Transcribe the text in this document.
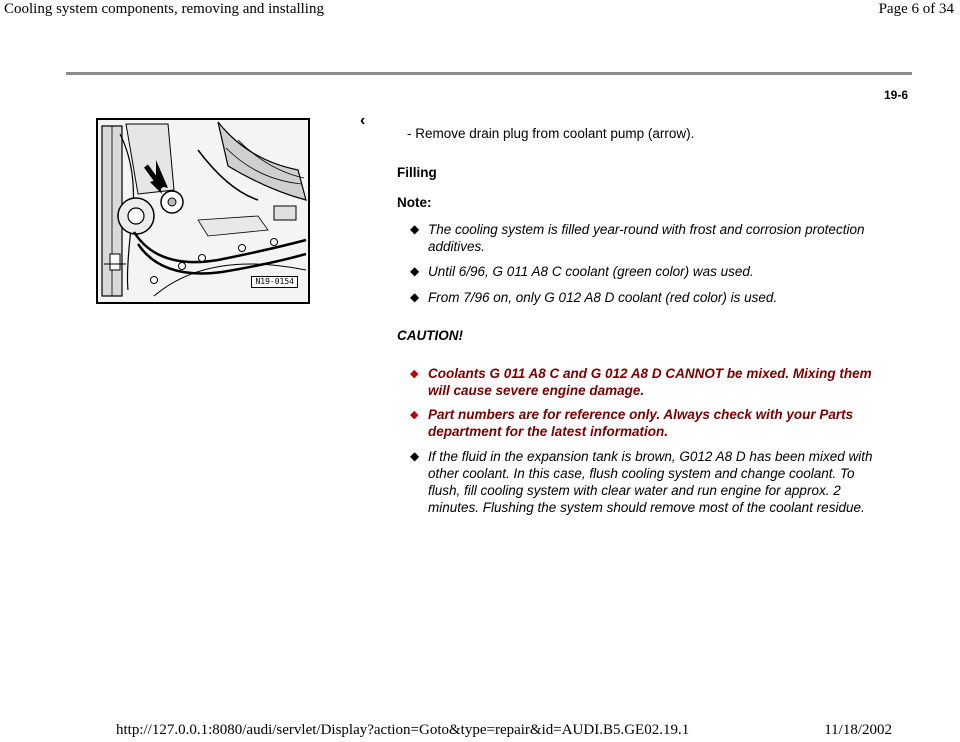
Cooling system components, removing and installing	Page 6 of 34
19-6
N19-0154
‹
- Remove drain plug from coolant pump (arrow).
Filling
Note:
◆ The cooling system is filled year-round with frost and corrosion protection additives.
◆ Until 6/96, G 011 A8 C coolant (green color) was used.
◆ From 7/96 on, only G 012 A8 D coolant (red color) is used.
CAUTION!
◆ Coolants G 011 A8 C and G 012 A8 D CANNOT be mixed. Mixing them will cause severe engine damage.
◆ Part numbers are for reference only. Always check with your Parts department for the latest information.
◆ If the fluid in the expansion tank is brown, G012 A8 D has been mixed with other coolant. In this case, flush cooling system and change coolant. To flush, fill cooling system with clear water and run engine for approx. 2 minutes. Flushing the system should remove most of the coolant residue.
http://127.0.0.1:8080/audi/servlet/Display?action=Goto&type=repair&id=AUDI.B5.GE02.19.1	11/18/2002
